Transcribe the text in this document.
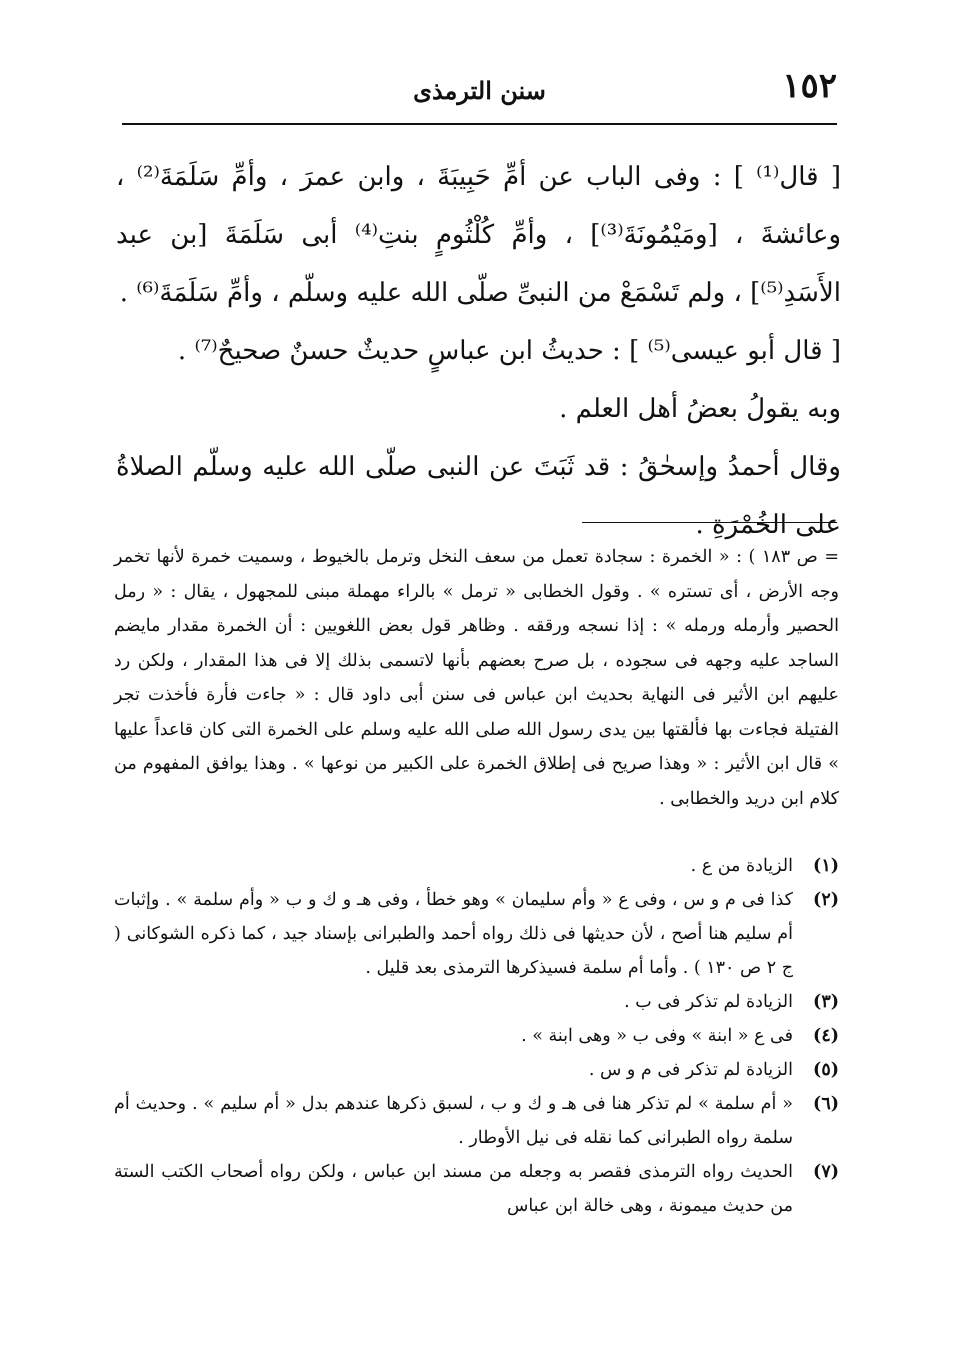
١٥٢
سنن الترمذى

[ قال⁽¹⁾ ] : وفى الباب عن أمِّ حَبِيبَةَ ، وابن عمرَ ، وأمِّ سَلَمَةَ⁽²⁾ ، وعائشةَ ، [ومَيْمُونَةَ⁽³⁾] ، وأمِّ كُلْثُومٍ بنتِ⁽⁴⁾ أبى سَلَمَةَ [بن عبد الأَسَدِ⁽⁵⁾] ، ولم تَسْمَعْ من النبىِّ صلّى الله عليه وسلّم ، وأمِّ سَلَمَةَ⁽⁶⁾ .

[ قال أبو عيسى⁽⁵⁾ ] : حديثُ ابن عباسٍ حديثٌ حسنٌ صحيحٌ⁽⁷⁾ .

وبه يقولُ بعضُ أهل العلم .

وقال أحمدُ وإسحٰقُ : قد ثَبَتَ عن النبى صلّى الله عليه وسلّم الصلاةُ على الخُمْرَةِ .

= ص ١٨٣ ) : « الخمرة : سجادة تعمل من سعف النخل وترمل بالخيوط ، وسميت خمرة لأنها تخمر وجه الأرض ، أى تستره » . وقول الخطابى « ترمل » بالراء مهملة مبنى للمجهول ، يقال : « رمل الحصير وأرمله ورمله » : إذا نسجه ورققه . وظاهر قول بعض اللغويين : أن الخمرة مقدار مايضم الساجد عليه وجهه فى سجوده ، بل صرح بعضهم بأنها لاتسمى بذلك إلا فى هذا المقدار ، ولكن رد عليهم ابن الأثير فى النهاية بحديث ابن عباس فى سنن أبى داود قال : « جاءت فأرة فأخذت تجر الفتيلة فجاءت بها فألقتها بين يدى رسول الله صلى الله عليه وسلم على الخمرة التى كان قاعداً عليها » قال ابن الأثير : « وهذا صريح فى إطلاق الخمرة على الكبير من نوعها » . وهذا يوافق المفهوم من كلام ابن دريد والخطابى .
(١)
الزيادة من ع .
(٢)
كذا فى م و س ، وفى ع « وأم سليمان » وهو خطأ ، وفى هـ و ك و ب « وأم سلمة » . وإثبات أم سليم هنا أصح ، لأن حديثها فى ذلك رواه أحمد والطبرانى بإسناد جيد ، كما ذكره الشوكانى ( ج ٢ ص ١٣٠ ) . وأما أم سلمة فسيذكرها الترمذى بعد قليل .
(٣)
الزيادة لم تذكر فى ب .
(٤)
فى ع « ابنة » وفى ب « وهى ابنة » .
(٥)
الزيادة لم تذكر فى م و س .
(٦)
« أم سلمة » لم تذكر هنا فى هـ و ك و ب ، لسبق ذكرها عندهم بدل « أم سليم » . وحديث أم سلمة رواه الطبرانى كما نقله فى نيل الأوطار .
(٧)
الحديث رواه الترمذى فقصر به وجعله من مسند ابن عباس ، ولكن رواه أصحاب الكتب الستة من حديث ميمونة ، وهى خالة ابن عباس
